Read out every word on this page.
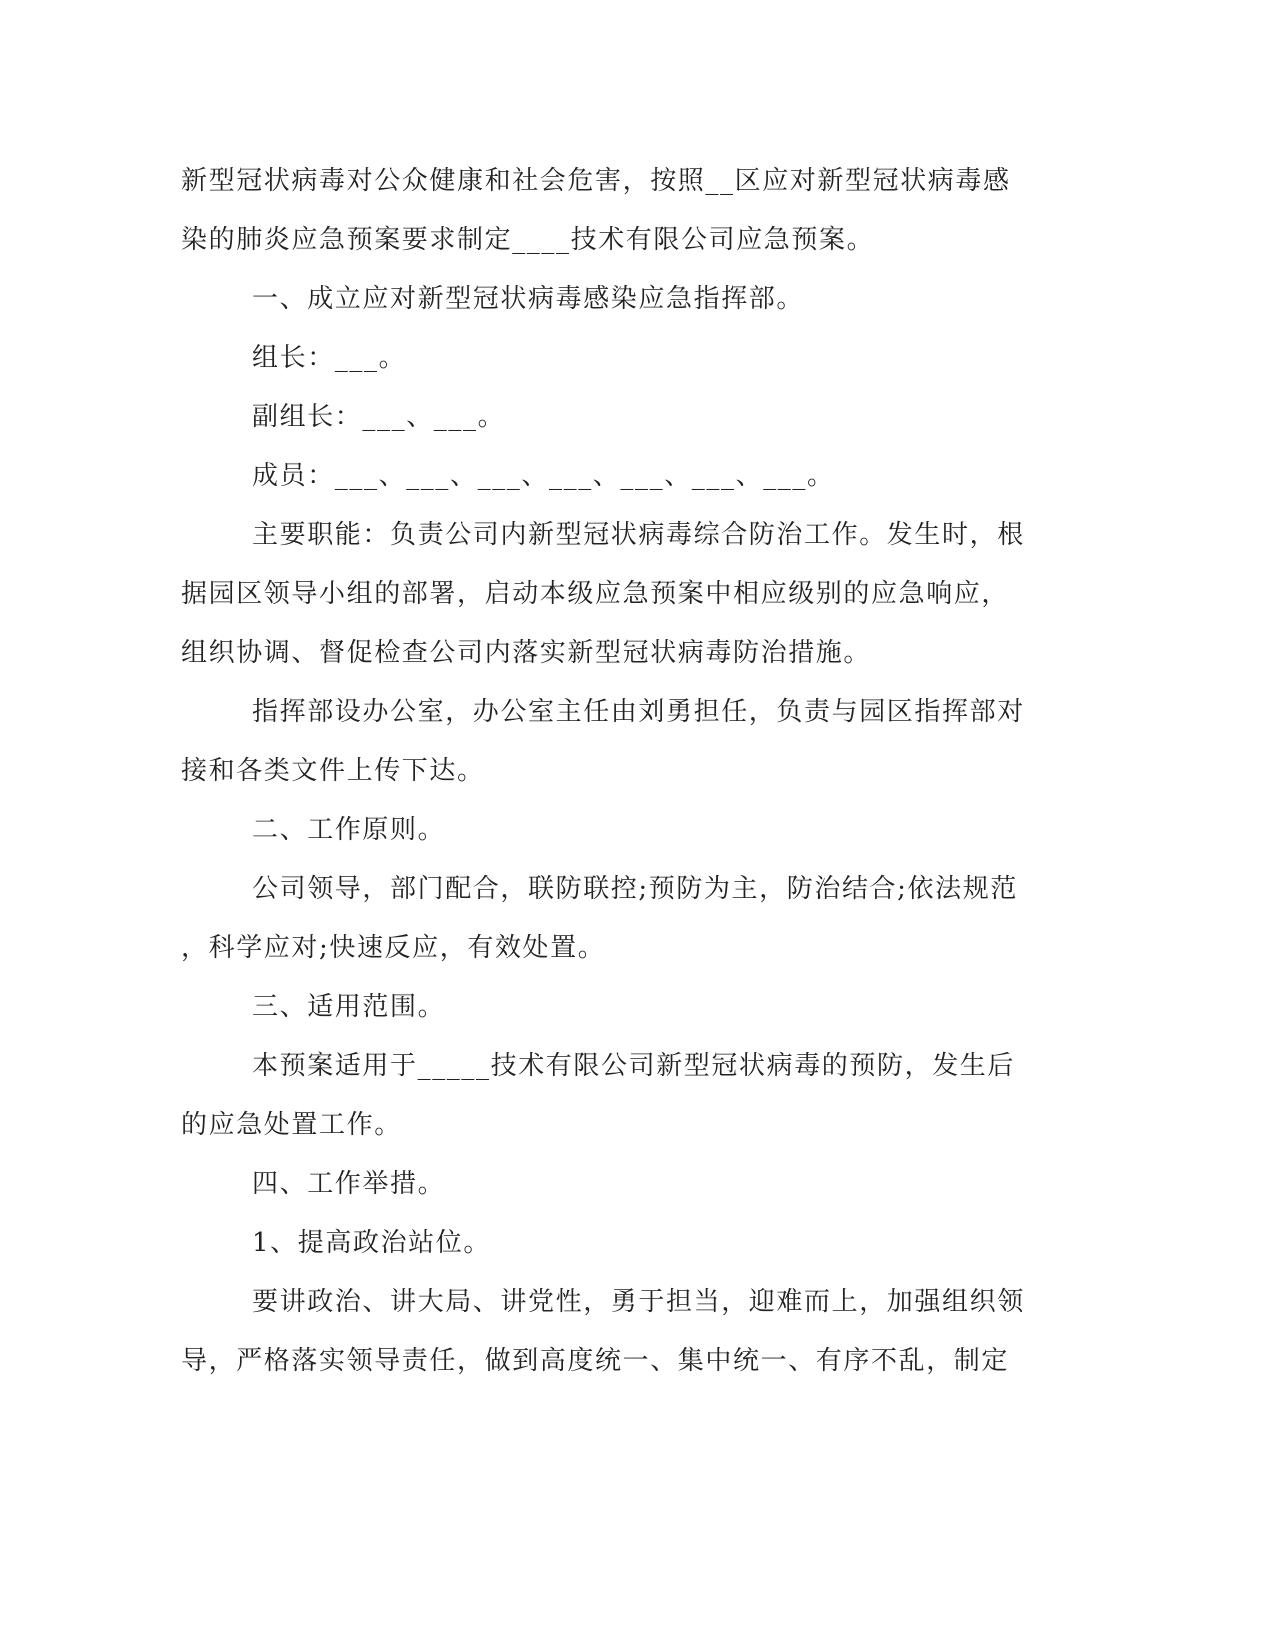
新型冠状病毒对公众健康和社会危害，按照__区应对新型冠状病毒感

染的肺炎应急预案要求制定____技术有限公司应急预案。

一、成立应对新型冠状病毒感染应急指挥部。

组长：___。

副组长：___、___。

成员：___、___、___、___、___、___、___。

主要职能：负责公司内新型冠状病毒综合防治工作。发生时，根

据园区领导小组的部署，启动本级应急预案中相应级别的应急响应，

组织协调、督促检查公司内落实新型冠状病毒防治措施。

指挥部设办公室，办公室主任由刘勇担任，负责与园区指挥部对

接和各类文件上传下达。

二、工作原则。

公司领导，部门配合，联防联控;预防为主，防治结合;依法规范

，科学应对;快速反应，有效处置。

三、适用范围。

本预案适用于_____技术有限公司新型冠状病毒的预防，发生后

的应急处置工作。

四、工作举措。

1、提高政治站位。

要讲政治、讲大局、讲党性，勇于担当，迎难而上，加强组织领

导，严格落实领导责任，做到高度统一、集中统一、有序不乱，制定
